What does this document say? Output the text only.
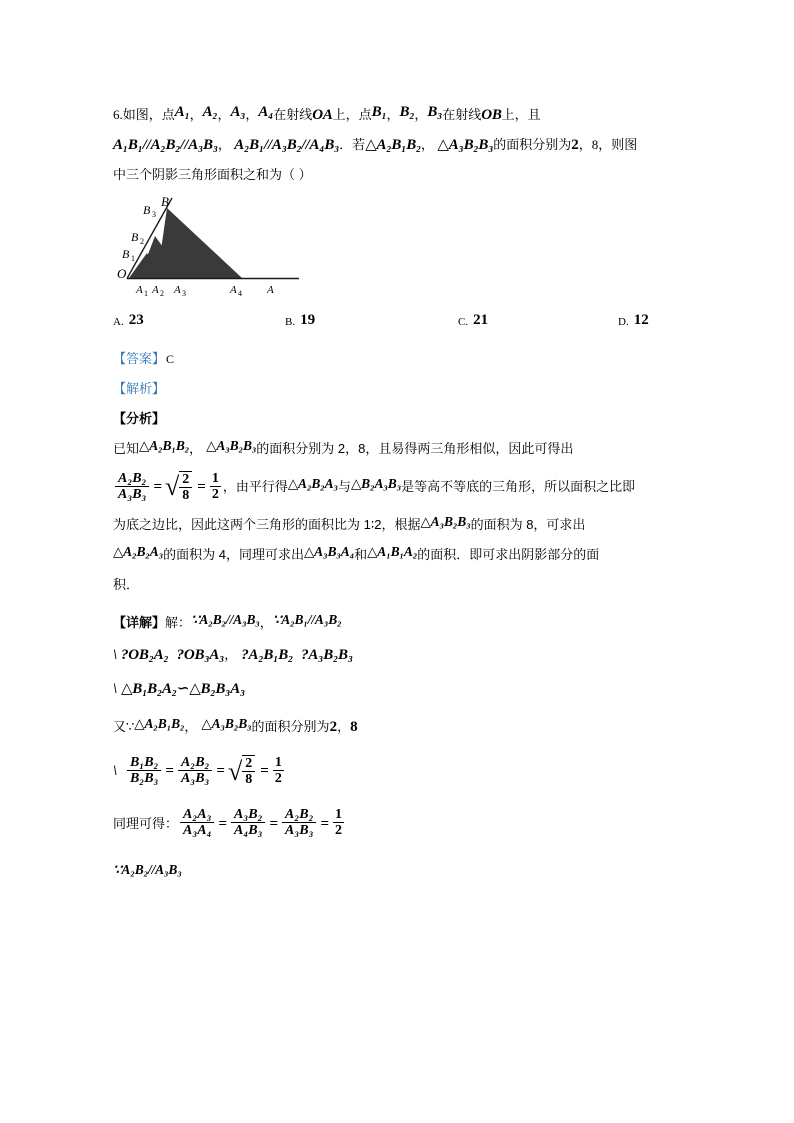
6.如图，点A₁，A₂，A₃，A₄在射线OA上，点B₁，B₂，B₃在射线OB上，且
A₁B₁//A₂B₂//A₃B₃， A₂B₁//A₃B₂//A₄B₃．若△A₂B₁B₂， △A₃B₂B₃的面积分别为2，8，则图
中三个阴影三角形面积之和为（ ）
B
B 3
B 2
B 1
O
A 1 A 2 A 3	A 4 A
A. 23	B. 19	C. 21	D. 12
【答案】C
【解析】
【分析】
已知△A₂B₁B₂， △A₃B₂B₃的面积分别为 2，8，且易得两三角形相似，因此可得出
$\frac{\text{A₂B₂}}{\text{A₃B₃}}$ = √ $\frac{2}{8} = \frac{1}{2}$ ，由平行得△A₂B₂A₃与△B₂A₃B₃是等高不等底的三角形，所以面积之比即
为底之边比，因此这两个三角形的面积比为 1∶2，根据△A₃B₂B₃的面积为 8，可求出
△A₂B₂A₃的面积为 4，同理可求出△A₃B₃A₄和△A₁B₁A₂的面积．即可求出阴影部分的面
积．
【详解】解：∵A₂B₂//A₃B₃，∵A₂B₁//A₃B₂
\ ?OB₂A₂ ?OB₃A₃， ?A₂B₁B₂ ?A₃B₂B₃
\ △B₁B₂A₂∽△B₂B₃A₃
又∵△A₂B₁B₂， △A₃B₂B₃的面积分别为2，8
\ $\frac{\text{B₁B₂}}{\text{B₂B₃}} = \frac{\text{A₂B₂}}{\text{A₃B₃}}$ = √ $\frac{2}{8} = \frac{1}{2}$
同理可得： $\frac{\text{A₂A₃}}{\text{A₃A₄}} = \frac{\text{A₃B₂}}{\text{A₄B₃}} = \frac{\text{A₂B₂}}{\text{A₃B₃}} = \frac{1}{2}$
∵A₂B₂//A₃B₃
